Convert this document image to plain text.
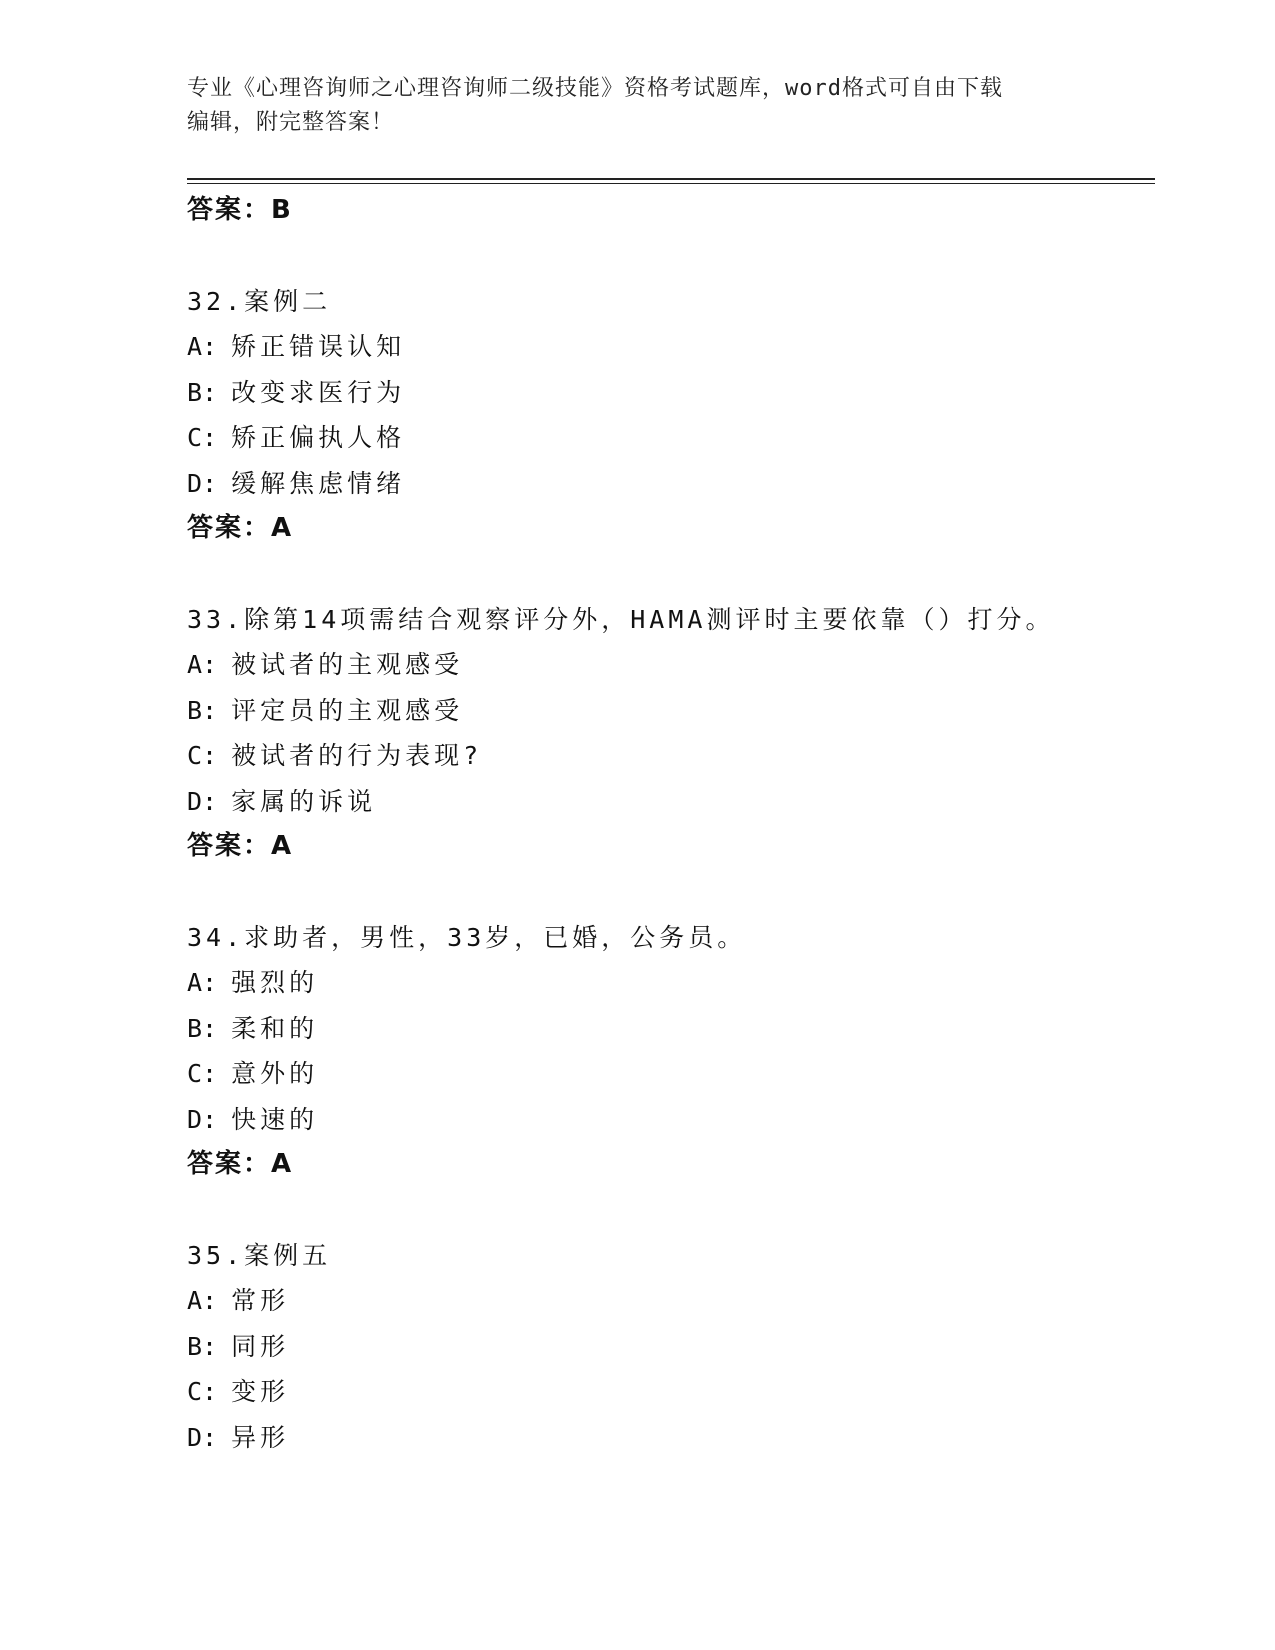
专业《心理咨询师之心理咨询师二级技能》资格考试题库，word格式可自由下载
编辑，附完整答案！
答案：B
32.案例二
A: 矫正错误认知
B: 改变求医行为
C: 矫正偏执人格
D: 缓解焦虑情绪
答案：A
33.除第14项需结合观察评分外，HAMA测评时主要依靠（）打分。
A: 被试者的主观感受
B: 评定员的主观感受
C: 被试者的行为表现?
D: 家属的诉说
答案：A
34.求助者，男性，33岁，已婚，公务员。
A: 强烈的
B: 柔和的
C: 意外的
D: 快速的
答案：A
35.案例五
A: 常形
B: 同形
C: 变形
D: 异形
